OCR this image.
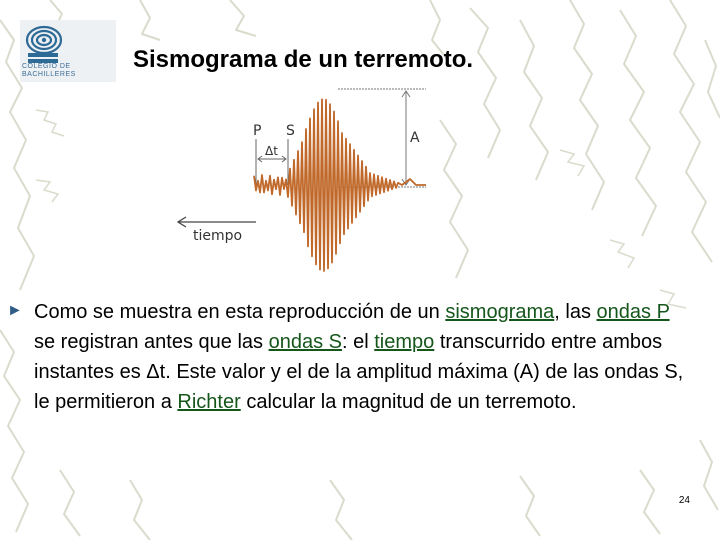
COLEGIO DE
BACHILLERES
Sismograma de un terremoto.
P S
Δt
A
tiempo
► Como se muestra en esta reproducción de un sismograma, las ondas P se registran antes que las ondas S: el tiempo transcurrido entre ambos instantes es Δt. Este valor y el de la amplitud máxima (A) de las ondas S, le permitieron a Richter calcular la magnitud de un terremoto.
24
